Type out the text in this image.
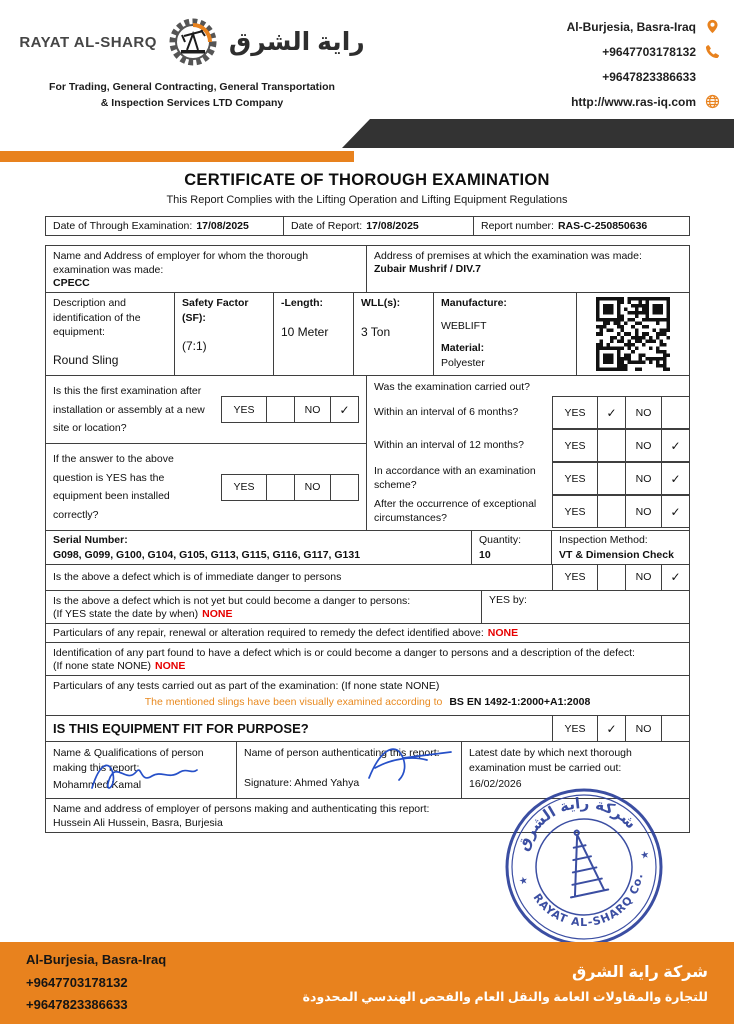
RAYAT AL-SHARQ	راية الشرق
For Trading, General Contracting, General Transportation
& Inspection Services LTD Company
Al-Burjesia, Basra-Iraq
+9647703178132
+9647823386633
http://www.ras-iq.com
CERTIFICATE OF THOROUGH EXAMINATION
This Report Complies with the Lifting Operation and Lifting Equipment Regulations
Date of Through Examination: 17/08/2025	Date of Report: 17/08/2025	Report number: RAS-C-250850636
Name and Address of employer for whom the thorough examination was made:
CPECC
Address of premises at which the examination was made:
Zubair Mushrif / DIV.7
Description and identification of the equipment:
Round Sling
Safety Factor (SF):
(7:1)
-Length:
10 Meter
WLL(s):
3 Ton
Manufacture:
WEBLIFT
Material:
Polyester
Is this the first examination after installation or assembly at a new site or location?
YES	NO	✓
If the answer to the above question is YES has the equipment been installed correctly?
YES	NO
Was the examination carried out?
Within an interval of 6 months?	YES	✓	NO
Within an interval of 12 months?	YES	NO	✓
In accordance with an examination scheme?	YES	NO	✓
After the occurrence of exceptional circumstances?	YES	NO	✓
Serial Number:
G098, G099, G100, G104, G105, G113, G115, G116, G117, G131
Quantity:
10
Inspection Method:
VT & Dimension Check
Is the above a defect which is of immediate danger to persons	YES	NO	✓
Is the above a defect which is not yet but could become a danger to persons:
(If YES state the date by when) NONE
YES by:
Particulars of any repair, renewal or alteration required to remedy the defect identified above: NONE
Identification of any part found to have a defect which is or could become a danger to persons and a description of the defect:
(If none state NONE) NONE
Particulars of any tests carried out as part of the examination: (If none state NONE)
The mentioned slings have been visually examined according to BS EN 1492-1:2000+A1:2008
IS THIS EQUIPMENT FIT FOR PURPOSE?	YES	✓	NO
Name & Qualifications of person making this report:
Mohammed Kamal
Name of person authenticating this report:
Signature: Ahmed Yahya
Latest date by which next thorough examination must be carried out:
16/02/2026
Name and address of employer of persons making and authenticating this report:
Hussein Ali Hussein, Basra, Burjesia
شركة راية الشرق
RAYAT AL-SHARQ Co.
★
★
Al-Burjesia, Basra-Iraq
+9647703178132
+9647823386633
شركة راية الشرق
للتجارة والمقاولات العامة والنقل العام والفحص الهندسي المحدودة
